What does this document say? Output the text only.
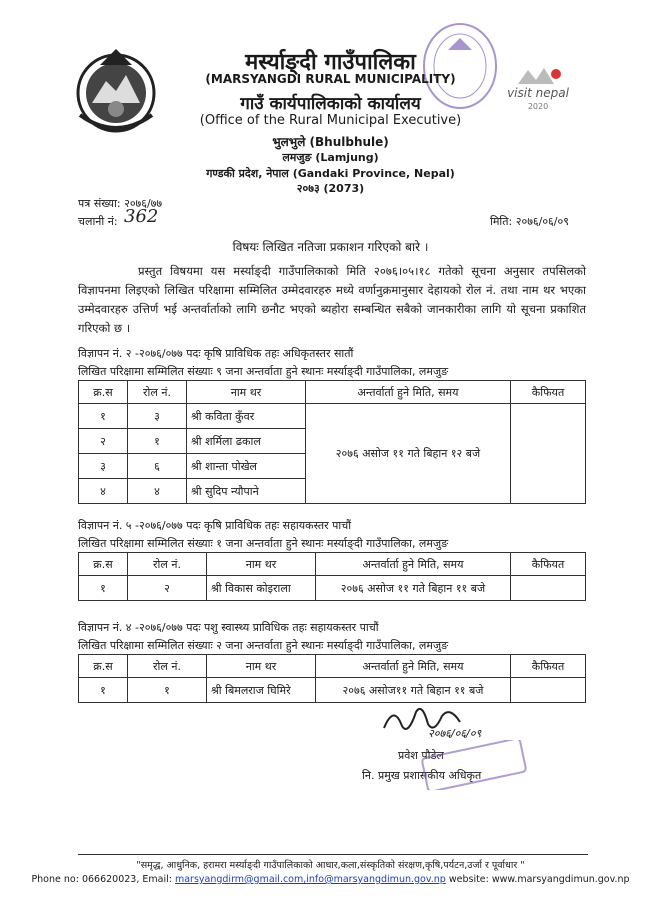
visit nepal
2020
मर्स्याङ्दी गाउँपालिका
(MARSYANGDI RURAL MUNICIPALITY)
गाउँ कार्यपालिकाको कार्यालय
(Office of the Rural Municipal Executive)
भुलभुले (Bhulbhule)
लमजुङ (Lamjung)
गण्डकी प्रदेश, नेपाल (Gandaki Province, Nepal)
२०७३ (2073)
पत्र संख्या: २०७६/७७
चलानी नं: 362	मिति: २०७६/०६/०९
विषयः लिखित नतिजा प्रकाशन गरिएको बारे ।
प्रस्तुत विषयमा यस मर्स्याङ्दी गाउँपालिकाको मिति २०७६।०५।१८ गतेको सूचना अनुसार तपसिलको विज्ञापनमा लिइएको लिखित परिक्षामा सम्मिलित उम्मेदवारहरु मध्ये वर्णानुक्रमानुसार देहायको रोल नं. तथा नाम थर भएका उम्मेदवारहरु उत्तिर्ण भई अन्तर्वार्ताको लागि छनौट भएको ब्यहोरा सम्बन्धित सबैको जानकारीका लागि यो सूचना प्रकाशित गरिएको छ ।
विज्ञापन नं. २ -२०७६/०७७ पदः कृषि प्राविधिक तहः अधिकृतस्तर सातौं
लिखित परिक्षामा सम्मिलित संख्याः ९ जना अन्तर्वाता हुने स्थानः मर्स्याङ्दी गाउँपालिका, लमजुङ
क्र.स	रोल नं.	नाम थर	अन्तर्वार्ता हुने मिति, समय	कैफियत
१	३	श्री कविता कुँवर	२०७६ असोज ११ गते बिहान १२ बजे	
२	१	श्री शर्मिला ढकाल		
३	६	श्री शान्ता पोखेल		
४	४	श्री सुदिप न्यौपाने		
विज्ञापन नं. ५ -२०७६/०७७ पदः कृषि प्राविधिक तहः सहायकस्तर पाचौं
लिखित परिक्षामा सम्मिलित संख्याः १ जना अन्तर्वाता हुने स्थानः मर्स्याङ्दी गाउँपालिका, लमजुङ
क्र.स	रोल नं.	नाम थर	अन्तर्वार्ता हुने मिति, समय	कैफियत
१	२	श्री विकास कोइराला	२०७६ असोज ११ गते बिहान ११ बजे	
विज्ञापन नं. ४ -२०७६/०७७ पदः पशु स्वास्थ्य प्राविधिक तहः सहायकस्तर पाचौं
लिखित परिक्षामा सम्मिलित संख्याः २ जना अन्तर्वाता हुने स्थानः मर्स्याङ्दी गाउँपालिका, लमजुङ
क्र.स	रोल नं.	नाम थर	अन्तर्वार्ता हुने मिति, समय	कैफियत
१	१	श्री बिमलराज घिमिरे	२०७६ असोज११ गते बिहान ११ बजे	
२०७६/०६/०९
प्रवेश पौडेल
नि. प्रमुख प्रशासकीय अधिकृत
"समृद्ध, आधुनिक, हरामरा मर्स्याङ्दी गाउँपालिकाको आधार,कला,संस्कृतिको संरक्षण,कृषि,पर्यटन,उर्जा र पूर्वाधार "
Phone no: 066620023, Email: marsyangdirm@gmail.com,info@marsyangdimun.gov.np website: www.marsyangdimun.gov.np
